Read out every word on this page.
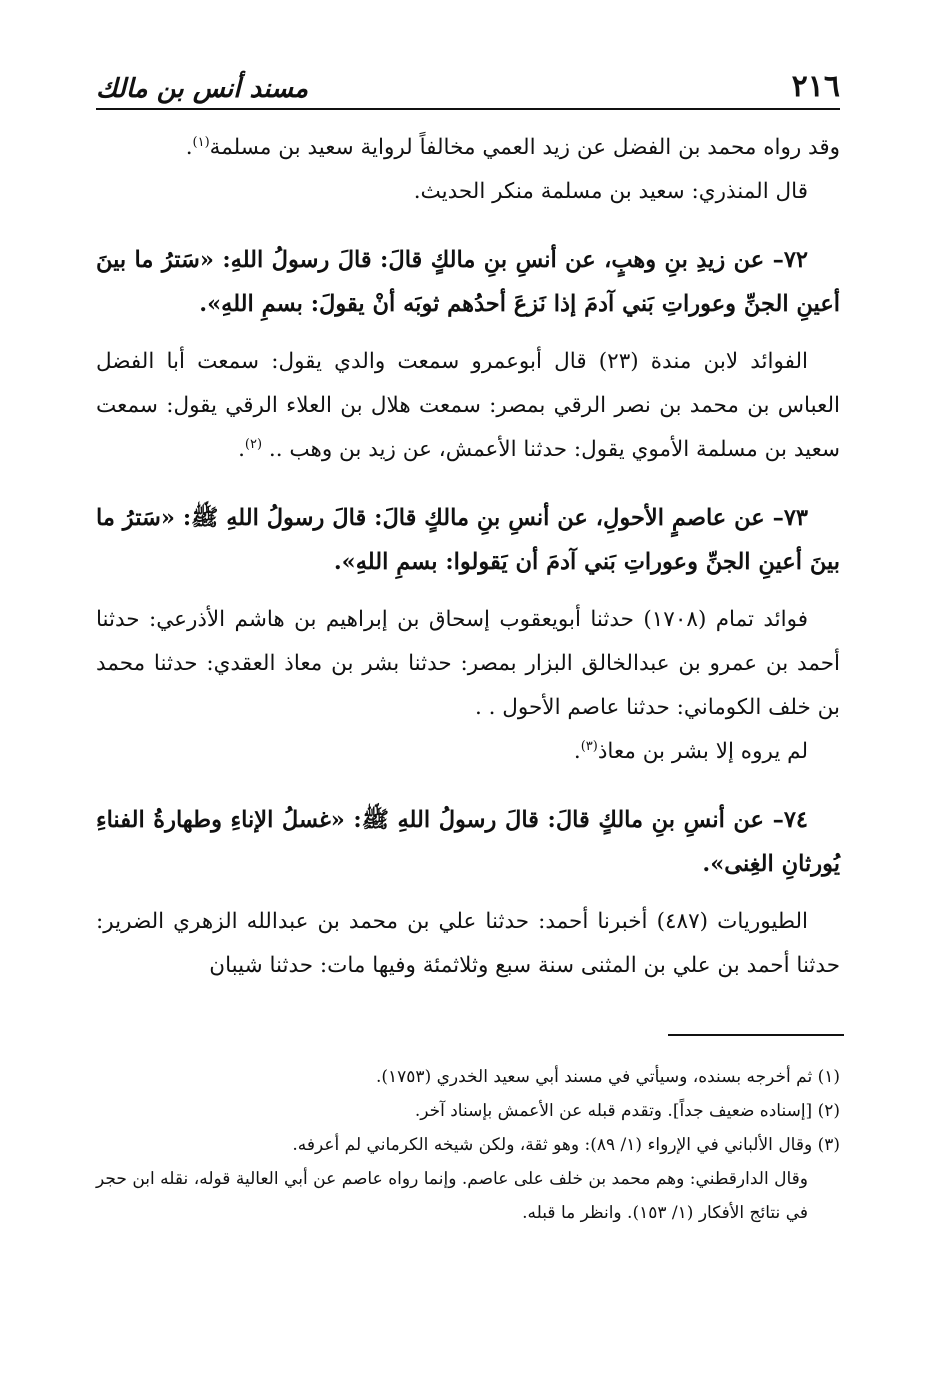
٢١٦
مسند أنس بن مالك

وقد رواه محمد بن الفضل عن زيد العمي مخالفاً لرواية سعيد بن مسلمة$^{(١)}$.

قال المنذري: سعيد بن مسلمة منكر الحديث.

٧٢– عن زيدِ بنِ وهبٍ، عن أنسِ بنِ مالكٍ قالَ: قالَ رسولُ اللهِ: «سَترُ ما بينَ أعينِ الجنِّ وعوراتِ بَني آدمَ إذا نَزعَ أحدُهم ثوبَه أنْ يقولَ: بسمِ اللهِ».

الفوائد لابن مندة (٢٣) قال أبوعمرو سمعت والدي يقول: سمعت أبا الفضل العباس بن محمد بن نصر الرقي بمصر: سمعت هلال بن العلاء الرقي يقول: سمعت سعيد بن مسلمة الأموي يقول: حدثنا الأعمش، عن زيد بن وهب .. $^{(٢)}$.

٧٣– عن عاصمٍ الأحولِ، عن أنسِ بنِ مالكٍ قالَ: قالَ رسولُ اللهِ ﷺ: «سَترُ ما بينَ أعينِ الجنِّ وعوراتِ بَني آدمَ أن يَقولوا: بسمِ اللهِ».

فوائد تمام (١٧٠٨) حدثنا أبويعقوب إسحاق بن إبراهيم بن هاشم الأذرعي: حدثنا أحمد بن عمرو بن عبدالخالق البزار بمصر: حدثنا بشر بن معاذ العقدي: حدثنا محمد بن خلف الكوماني: حدثنا عاصم الأحول . .

لم يروه إلا بشر بن معاذ$^{(٣)}$.

٧٤– عن أنسِ بنِ مالكٍ قالَ: قالَ رسولُ اللهِ ﷺ: «غسلُ الإناءِ وطهارةُ الفناءِ يُورثانِ الغِنى».

الطيوريات (٤٨٧) أخبرنا أحمد: حدثنا علي بن محمد بن عبدالله الزهري الضرير: حدثنا أحمد بن علي بن المثنى سنة سبع وثلاثمئة وفيها مات: حدثنا شيبان

(١) ثم أخرجه بسنده، وسيأتي في مسند أبي سعيد الخدري (١٧٥٣).

(٢) [إسناده ضعيف جداً]. وتقدم قبله عن الأعمش بإسناد آخر.

(٣) وقال الألباني في الإرواء (١/ ٨٩): وهو ثقة، ولكن شيخه الكرماني لم أعرفه.

وقال الدارقطني: وهم محمد بن خلف على عاصم. وإنما رواه عاصم عن أبي العالية قوله، نقله ابن حجر في نتائج الأفكار (١/ ١٥٣). وانظر ما قبله.
